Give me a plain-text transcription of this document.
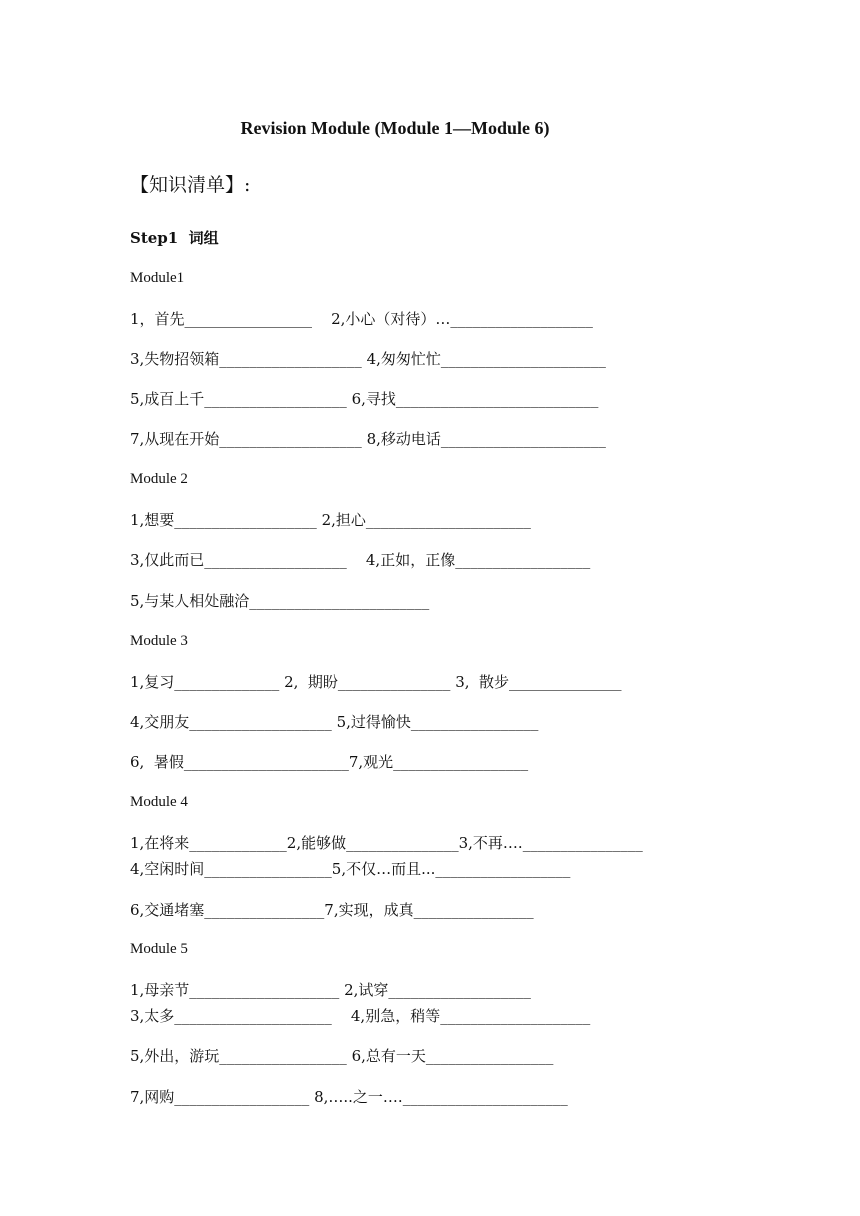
Revision Module (Module 1—Module 6)
【知识清单】:
Step1  词组
Module1
1，首先_________________    2,小心（对待）…___________________
3,失物招领箱___________________ 4,匆匆忙忙______________________
5,成百上千___________________ 6,寻找___________________________
7,从现在开始___________________ 8,移动电话______________________
Module 2
1,想要___________________ 2,担心______________________
3,仅此而已___________________    4,正如，正像__________________
5,与某人相处融洽________________________
Module 3
1,复习______________ 2,  期盼_______________ 3,  散步_______________
4,交朋友___________________ 5,过得愉快_________________
6,  暑假______________________7,观光__________________
Module 4
1,在将来_____________2,能够做_______________3,不再….________________
4,空闲时间_________________5,不仅…而且...__________________
6,交通堵塞________________7,实现，成真________________
Module 5
1,母亲节____________________ 2,试穿___________________
3,太多_____________________    4,别急，稍等____________________
5,外出，游玩_________________ 6,总有一天_________________
7,网购__________________ 8,…..之一….______________________
